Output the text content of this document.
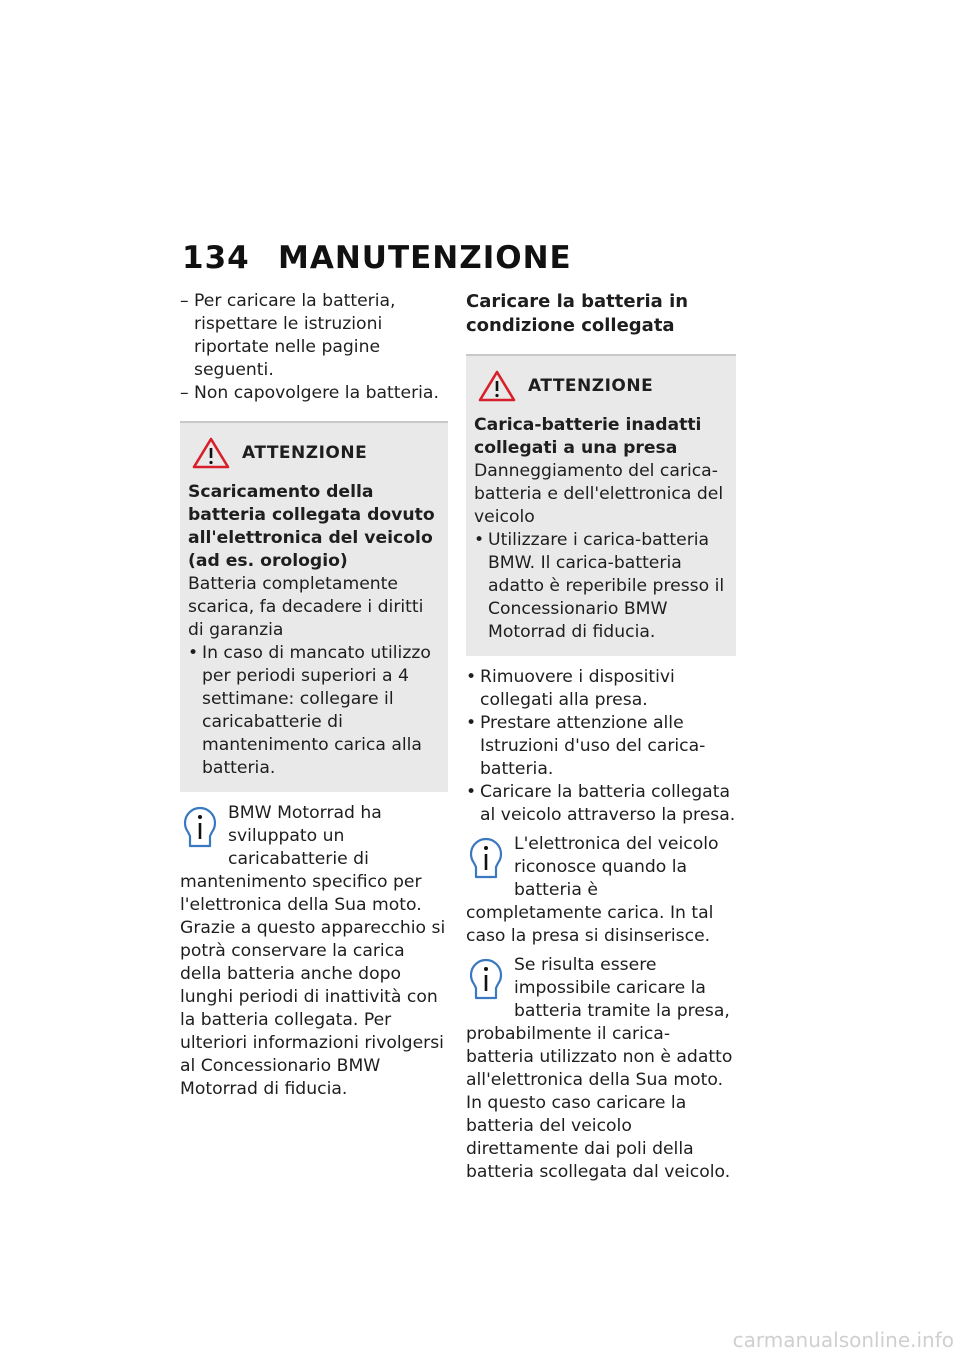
134 MANUTENZIONE
– Per caricare la batteria, rispettare le istruzioni riportate nelle pagine seguenti.
– Non capovolgere la batteria.
ATTENZIONE
Scaricamento della batteria collegata dovuto all'elettronica del veicolo (ad es. orologio)
Batteria completamente scarica, fa decadere i diritti di garanzia
• In caso di mancato utilizzo per periodi superiori a 4 settimane: collegare il caricabatterie di mantenimento carica alla batteria.
BMW Motorrad ha sviluppato un caricabatterie di mantenimento specifico per l'elettronica della Sua moto. Grazie a questo apparecchio si potrà conservare la carica della batteria anche dopo lunghi periodi di inattività con la batteria collegata. Per ulteriori informazioni rivolgersi al Concessionario BMW Motorrad di fiducia.
Caricare la batteria in condizione collegata
ATTENZIONE
Carica-batterie inadatti collegati a una presa
Danneggiamento del carica-batteria e dell'elettronica del veicolo
• Utilizzare i carica-batteria BMW. Il carica-batteria adatto è reperibile presso il Concessionario BMW Motorrad di fiducia.
• Rimuovere i dispositivi collegati alla presa.
• Prestare attenzione alle Istruzioni d'uso del carica-batteria.
• Caricare la batteria collegata al veicolo attraverso la presa.
L'elettronica del veicolo riconosce quando la batteria è completamente carica. In tal caso la presa si disinserisce.
Se risulta essere impossibile caricare la batteria tramite la presa, probabilmente il carica-batteria utilizzato non è adatto all'elettronica della Sua moto. In questo caso caricare la batteria del veicolo direttamente dai poli della batteria scollegata dal veicolo.
carmanualsonline.info
